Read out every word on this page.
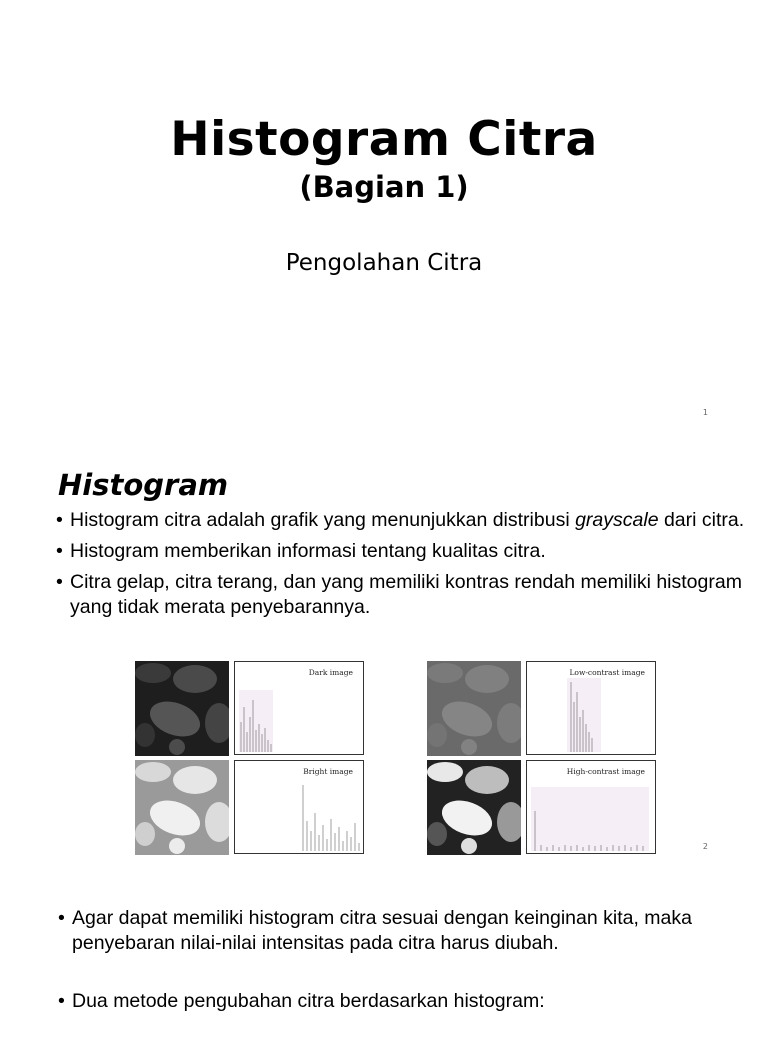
Histogram Citra
(Bagian 1)
Pengolahan Citra
1
Histogram
• Histogram citra adalah grafik yang menunjukkan distribusi grayscale dari citra.
• Histogram memberikan informasi tentang kualitas citra.
• Citra gelap, citra terang, dan yang memiliki kontras rendah memiliki histogram yang tidak merata penyebarannya.
Dark image
Bright image
Low-contrast image
High-contrast image
2
• Agar dapat memiliki histogram citra sesuai dengan keinginan kita, maka penyebaran nilai-nilai intensitas pada citra harus diubah.
• Dua metode pengubahan citra berdasarkan histogram:
